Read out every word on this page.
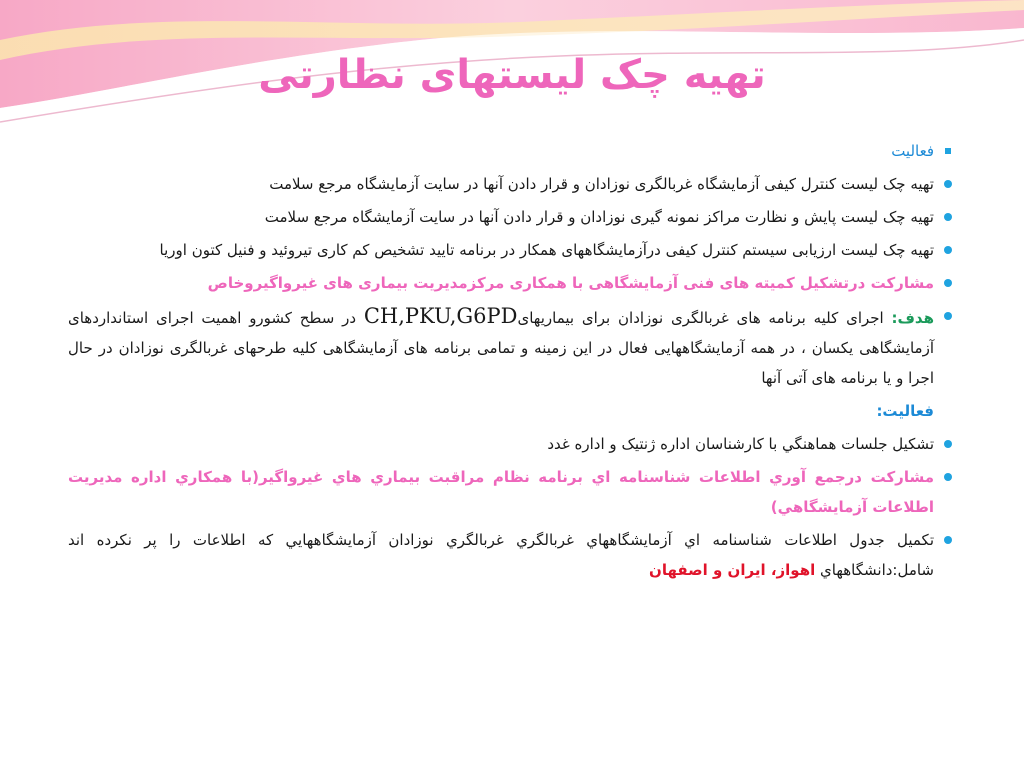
تهیه چک لیستهای نظارتی
فعالیت
تهیه چک لیست کنترل کیفی آزمایشگاه غربالگری نوزادان و قرار دادن آنها در سایت آزمایشگاه مرجع سلامت
تهیه چک لیست پایش و نظارت مراکز نمونه گیری نوزادان و قرار دادن آنها در سایت آزمایشگاه مرجع سلامت
تهیه چک لیست ارزیابی سیستم کنترل کیفی درآزمایشگاههای همکار در برنامه تایید تشخیص کم کاری تیروئید و فنیل کتون اوریا
مشارکت درتشکیل کمیته های فنی آزمایشگاهی با همکاری مرکزمدیریت بیماری های غیرواگیروخاص
هدف: اجرای کلیه برنامه های غربالگری نوزادان برای بیماریهایCH,PKU,G6PD در سطح کشورو اهمیت اجرای استانداردهای آزمایشگاهی یکسان ، در همه آزمایشگاههایی فعال در این زمینه و تمامی برنامه های آزمایشگاهی کلیه طرحهای غربالگری نوزادان در حال اجرا و یا برنامه های آتی آنها
فعالیت:
تشکیل جلسات هماهنگي با کارشناسان اداره ژنتیک و اداره غدد
مشارکت درجمع آوري اطلاعات شناسنامه اي برنامه نظام مراقبت بيماري هاي غيرواگير(با همكاري اداره مديريت اطلاعات آزمايشگاهي)
تکمیل جدول اطلاعات شناسنامه اي آزمايشگاههاي غربالگري غربالگري نوزادان آزمايشگاههايي كه اطلاعات را پر نكرده اند شامل:دانشگاههاي اهواز، ايران و اصفهان
